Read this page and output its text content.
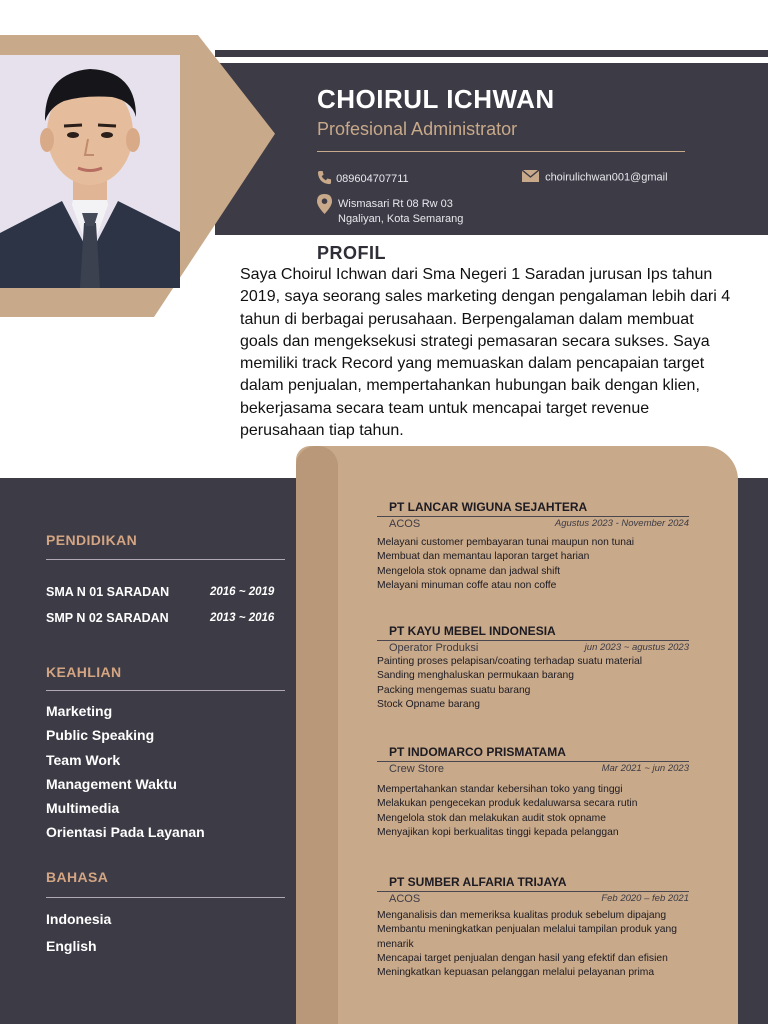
CHOIRUL ICHWAN
Profesional Administrator
089604707711	choirulichwan001@gmail
Wismasari Rt 08 Rw 03
Ngaliyan, Kota Semarang
PROFIL
Saya Choirul Ichwan dari Sma Negeri 1 Saradan jurusan Ips tahun 2019, saya seorang sales marketing dengan pengalaman lebih dari 4 tahun di berbagai perusahaan. Berpengalaman dalam membuat goals dan mengeksekusi strategi pemasaran secara sukses. Saya memiliki track Record yang memuaskan dalam pencapaian target dalam penjualan, mempertahankan hubungan baik dengan klien, bekerjasama secara team untuk mencapai target revenue perusahaan tiap tahun.
PENDIDIKAN
SMA N 01 SARADAN	2016 ~ 2019
SMP N 02 SARADAN	2013 ~ 2016
KEAHLIAN
Marketing
Public Speaking
Team Work
Management Waktu
Multimedia
Orientasi Pada Layanan
BAHASA
Indonesia
English
PT LANCAR WIGUNA SEJAHTERA
ACOS	Agustus 2023 - November 2024
Melayani customer pembayaran tunai maupun non tunai
Membuat dan memantau laporan target harian
Mengelola stok opname dan jadwal shift
Melayani minuman coffe atau non coffe
PT KAYU MEBEL INDONESIA
Operator Produksi	jun 2023 ~ agustus 2023
Painting proses pelapisan/coating terhadap suatu material
Sanding menghaluskan permukaan barang
Packing mengemas suatu barang
Stock Opname barang
PT INDOMARCO PRISMATAMA
Crew Store	Mar 2021 ~ jun 2023
Mempertahankan standar kebersihan toko yang tinggi
Melakukan pengecekan produk kedaluwarsa secara rutin
Mengelola stok dan melakukan audit stok opname
Menyajikan kopi berkualitas tinggi kepada pelanggan
PT SUMBER ALFARIA TRIJAYA
ACOS	Feb 2020 – feb 2021
Menganalisis dan memeriksa kualitas produk sebelum dipajang
Membantu meningkatkan penjualan melalui tampilan produk yang menarik
Mencapai target penjualan dengan hasil yang efektif dan efisien
Meningkatkan kepuasan pelanggan melalui pelayanan prima
